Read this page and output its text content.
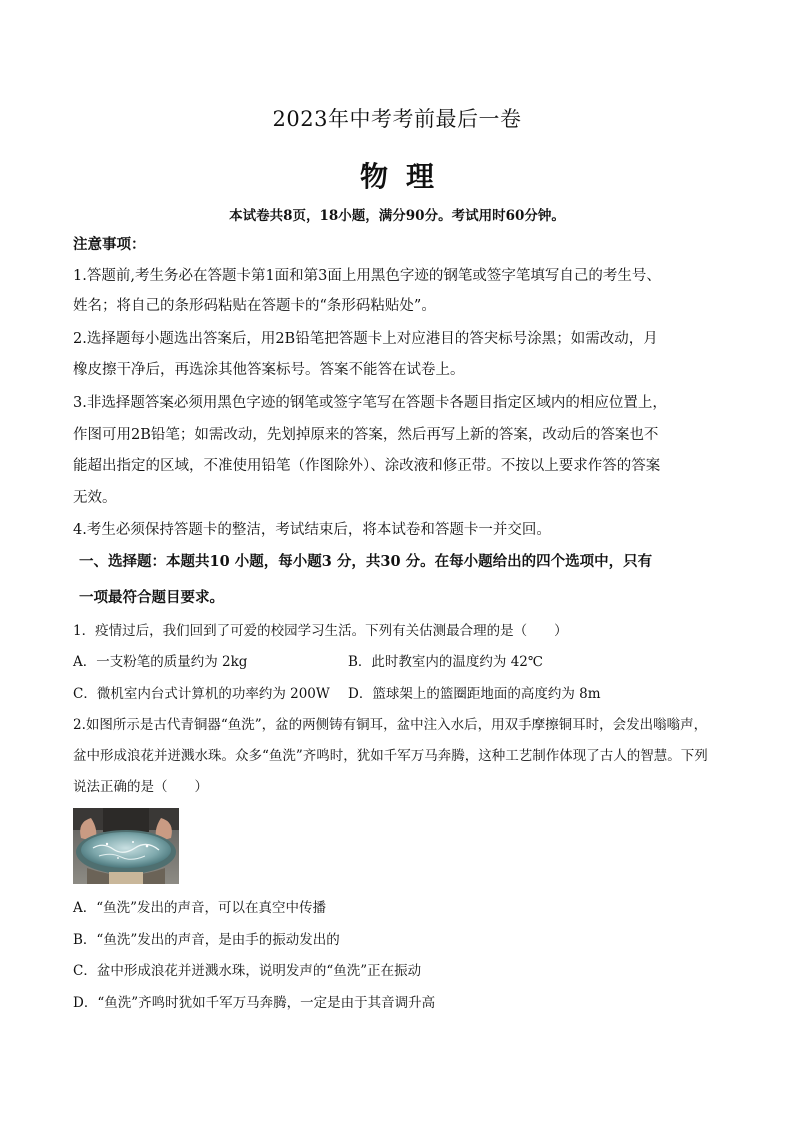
2023年中考考前最后一卷
物理
本试卷共8页，18小题，满分90分。考试用时60分钟。
注意事项：
1.答题前,考生务必在答题卡第1面和第3面上用黑色字迹的钢笔或签字笔填写自己的考生号、
姓名；将自己的条形码粘贴在答题卡的“条形码粘贴处”。
2.选择题每小题选出答案后，用2B铅笔把答题卡上对应港目的答宊标号涂黑；如需改动，月
橡皮擦干净后，再选涂其他答案标号。答案不能答在试卷上。
3.非选择题答案必须用黑色字迹的钢笔或签字笔写在答题卡各题目指定区域内的相应位置上，
作图可用2B铅笔；如需改动，先划掉原来的答案，然后再写上新的答案，改动后的答案也不
能超出指定的区域，不准使用铅笔（作图除外）、涂改液和修正带。不按以上要求作答的答案
无效。
4.考生必须保持答题卡的整洁，考试结束后，将本试卷和答题卡一并交回。
一、选择题：本题共10 小题，每小题3 分，共30 分。在每小题给出的四个选项中，只有
一项最符合题目要求。
1．疫情过后，我们回到了可爱的校园学习生活。下列有关估测最合理的是（　　）
A．一支粉笔的质量约为 2kg	B．此时教室内的温度约为 42℃
C．微机室内台式计算机的功率约为 200W	D．篮球架上的篮圈距地面的高度约为 8m
2.如图所示是古代青铜器“鱼洗”，盆的两侧铸有铜耳，盆中注入水后，用双手摩擦铜耳时，会发出嗡嗡声，
盆中形成浪花并迸溅水珠。众多“鱼洗”齐鸣时，犹如千军万马奔腾，这种工艺制作体现了古人的智慧。下列
说法正确的是（　　）
A．“鱼洗”发出的声音，可以在真空中传播
B．“鱼洗”发出的声音，是由手的振动发出的
C．盆中形成浪花并迸溅水珠，说明发声的“鱼洗”正在振动
D．“鱼洗”齐鸣时犹如千军万马奔腾，一定是由于其音调升高
